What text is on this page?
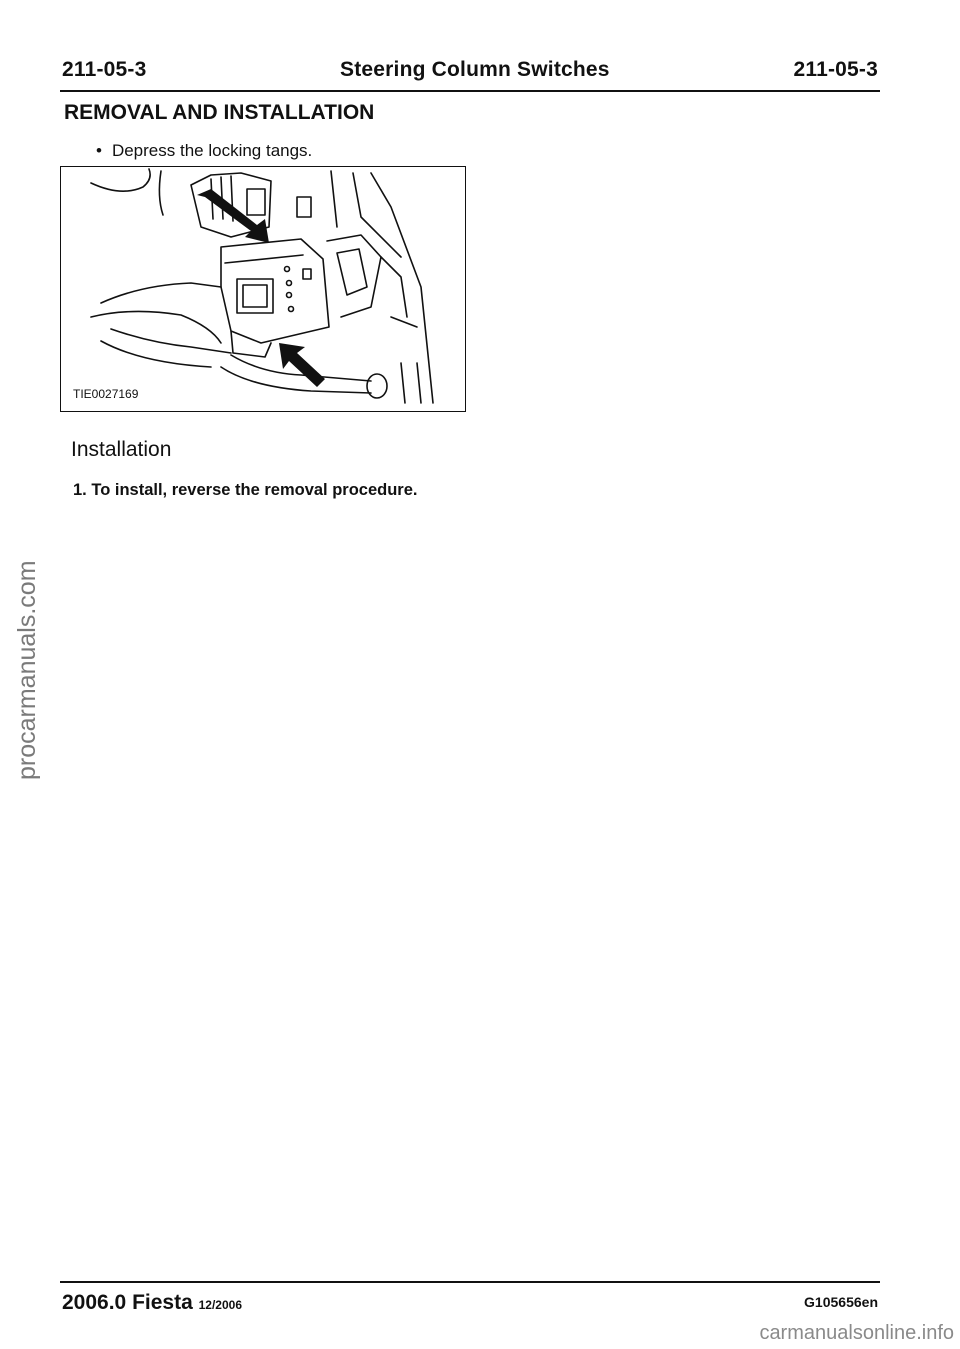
211-05-3	Steering Column Switches	211-05-3
REMOVAL AND INSTALLATION
• Depress the locking tangs.
TIE0027169
Installation
1. To install, reverse the removal procedure.
procarmanuals.com
2006.0 Fiesta 12/2006	G105656en
carmanualsonline.info
